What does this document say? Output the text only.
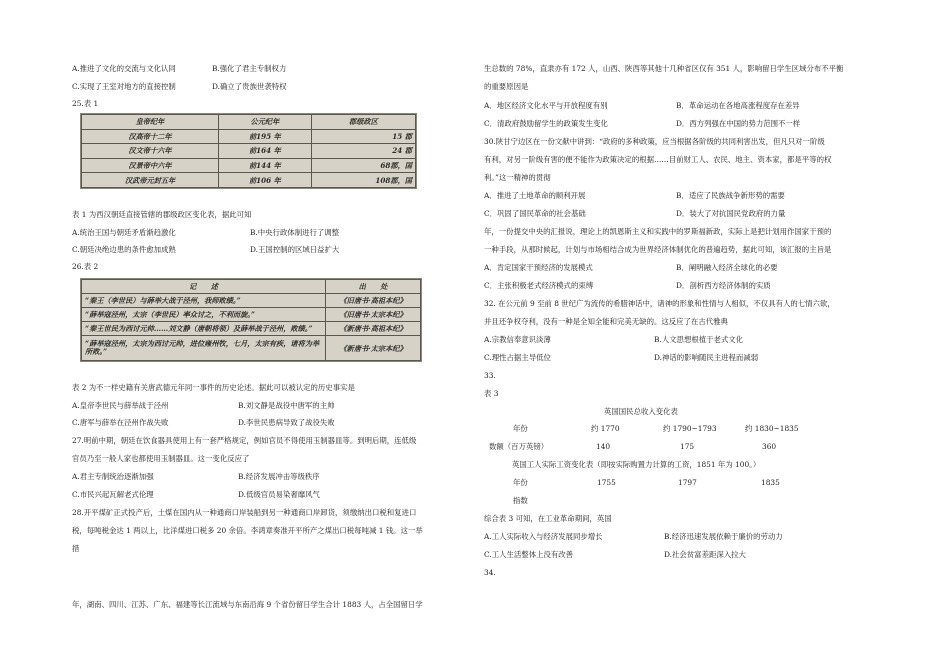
A.推进了文化的交流与文化认同	B.强化了君主专制权力
C.实现了王室对地方的直接控制	D.确立了贵族世袭特权
25.表 1
皇帝纪年	公元纪年	郡级政区
汉高帝十二年	前195 年	15 郡
汉文帝十六年	前164 年	24 郡
汉景帝中六年	前144 年	68郡，国
汉武帝元封五年	前106 年	108郡，国
表 1 为西汉朝廷直接管辖的郡级政区变化表，据此可知
A.统治王国与朝廷矛盾渐趋激化	B.中央行政体制进行了调整
C.朝廷决绝边患的条件愈加成熟	D.王国控制的区域日益扩大
26.表 2
记　　述	出　　处
“秦王（李世民）与薛举大战于泾州，我师败绩。”	《旧唐书·高祖本纪》
“薛举寇泾州，太宗（李世民）率众讨之，不利而旋。”	《旧唐书·太宗本纪》
“秦王世民为西讨元帅……刘文静（唐朝将领）及薛举战于泾州，败绩。”	《新唐书·高祖本纪》
“薛举寇泾州，太宗为西讨元帅，进位雍州牧，七月，太宗有疾，诸将为举所败。”	《新唐书·太宗本纪》
表 2 为不一样史籍有关唐武德元年同一事件的历史论述。据此可以被认定的历史事实是
A.皇帝李世民与薛举战于泾州	B.刘文静是战役中唐军的主帅
C.唐军与薛举在泾州作战失败	D.李世民患病导致了战役失败
27.明前中期，朝廷在饮食器具使用上有一套严格规定，例如官员不得使用玉制器皿等。到明后期，连低级
官员乃至一般人家也都使用玉制器皿。这一变化反应了
A.君主专制统治逐渐加强	B.经济发展冲击等级秩序
C.市民兴起瓦解老式伦理	D.低级官员易染奢靡风气
28.开平煤矿正式投产后，土煤在国内从一种通商口岸装船到另一种通商口岸卸货，须缴纳出口税和复进口
税，每吨税金达 1 两以上，比洋煤进口税多 20 余倍。李鸿章奏准开平所产之煤出口税每吨减 1 钱。这一举
措
年，湖南、四川、江苏、广东、福建等长江流域与东南沿海 9 个省份留日学生合计 1883 人，占全国留日学
生总数的 78%，直隶亦有 172 人，山西、陕西等其他十几种省区仅有 351 人，影响留日学生区域分布不平衡
的重要原因是
A．地区经济文化水平与开放程度有别	B．革命运动在各地高涨程度存在差异
C．清政府鼓励留学生的政策发生变化	D．西方列强在中国的势力范围不一样
30.陕甘宁边区在一份文献中讲到：“政府的多种政策，应当根据各阶级的共同利害出发，但凡只对一阶级
有利，对另一阶级有害的便不能作为政策决定的根据……目前财工人、农民、地主、资本家，都是平等的权
利。”这一精神的贯彻
A．推进了土地革命的顺利开展	B．适应了民族战争新形势的需要
C．巩固了国民革命的社会基础	D．装大了对抗国民党政府的力量
年，一份提交中央的汇报说，理论上的凯恩斯主义和实践中的罗斯福新政，实际上是把计划用作国家干预的
一种手段，从那时候起，计划与市场相结合成为世界经济体制优化的普遍趋势，据此可知，该汇报的主旨是
A．肯定国家干预经济的发展模式	B．阐明融入经济全球化的必要
C．主张积极老式经济模式的束缚	D．剖析西方经济体制的实质
32. 在公元前 9 至前 8 世纪广为流传的希腊神话中，诸神的形象和性情与人相似，不仅具有人的七情六欲，
并且还争权夺利，没有一种是全知全能和完美无缺的。这反应了在古代雅典
A.宗教信奉意识淡薄	B.人文思想根植于老式文化
C.理性占据主导低位	D.神话的影响随民主进程而减弱
33.
表 3
英国国民总收入变化表
年份	约 1770	约 1790~1793	约 1830~1835
数额（百万英镑）	140	175	360
英国工人实际工资变化表（即按实际购置力计算的工资，1851 年为 100。）
年份	1755	1797	1835
指数
综合表 3 可知，在工业革命期间，英国
A.工人实际收入与经济发展同步增长	B.经济迅速发展依赖于廉价的劳动力
C.工人生活整体上没有改善	D.社会贫富差距深入拉大
34.
